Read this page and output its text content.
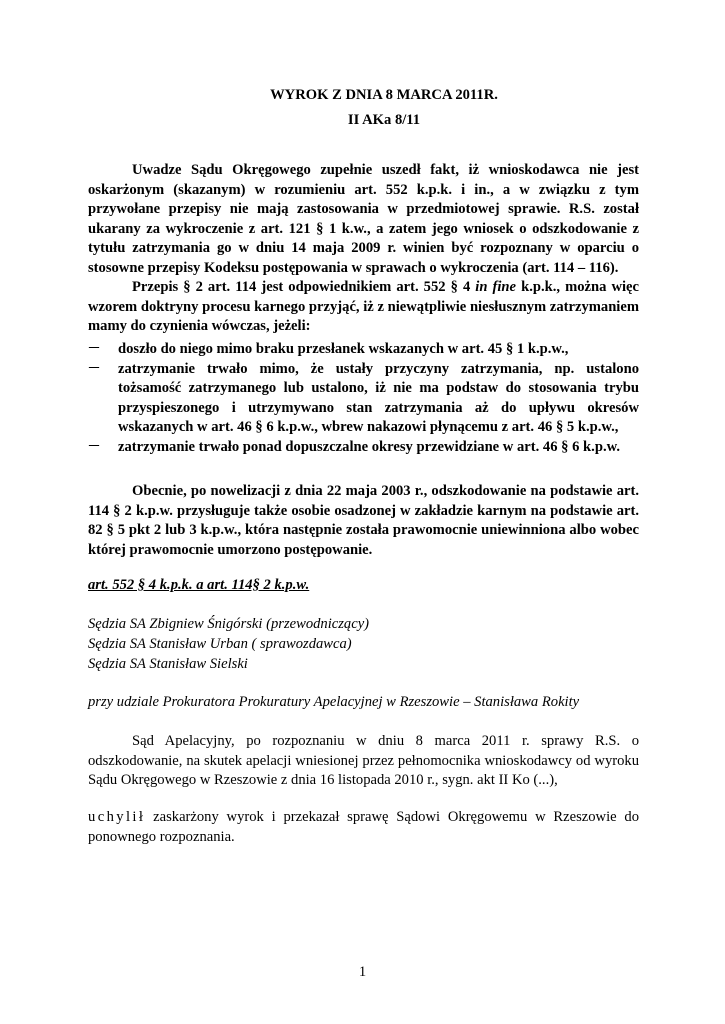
WYROK Z DNIA 8 MARCA 2011R.
II AKa 8/11

Uwadze Sądu Okręgowego zupełnie uszedł fakt, iż wnioskodawca nie jest oskarżonym (skazanym) w rozumieniu art. 552 k.p.k. i in., a w związku z tym przywołane przepisy nie mają zastosowania w przedmiotowej sprawie. R.S. został ukarany za wykroczenie z art. 121 § 1 k.w., a zatem jego wniosek o odszkodowanie z tytułu zatrzymania go w dniu 14 maja 2009 r. winien być rozpoznany w oparciu o stosowne przepisy Kodeksu postępowania w sprawach o wykroczenia (art. 114 – 116).

Przepis § 2 art. 114 jest odpowiednikiem art. 552 § 4 in fine k.p.k., można więc wzorem doktryny procesu karnego przyjąć, iż z niewątpliwie niesłusznym zatrzymaniem mamy do czynienia wówczas, jeżeli:

– doszło do niego mimo braku przesłanek wskazanych w art. 45 § 1 k.p.w.,
– zatrzymanie trwało mimo, że ustały przyczyny zatrzymania, np. ustalono tożsamość zatrzymanego lub ustalono, iż nie ma podstaw do stosowania trybu przyspieszonego i utrzymywano stan zatrzymania aż do upływu okresów wskazanych w art. 46 § 6 k.p.w., wbrew nakazowi płynącemu z art. 46 § 5 k.p.w.,
– zatrzymanie trwało ponad dopuszczalne okresy przewidziane w art. 46 § 6 k.p.w.

Obecnie, po nowelizacji z dnia 22 maja 2003 r., odszkodowanie na podstawie art. 114 § 2 k.p.w. przysługuje także osobie osadzonej w zakładzie karnym na podstawie art. 82 § 5 pkt 2 lub 3 k.p.w., która następnie została prawomocnie uniewinniona albo wobec której prawomocnie umorzono postępowanie.

art. 552 § 4 k.p.k. a art. 114§ 2 k.p.w.
Sędzia SA Zbigniew Śnigórski (przewodniczący)
Sędzia SA Stanisław Urban ( sprawozdawca)
Sędzia SA Stanisław Sielski
przy udziale Prokuratora Prokuratury Apelacyjnej w Rzeszowie – Stanisława Rokity

Sąd Apelacyjny, po rozpoznaniu w dniu 8 marca 2011 r. sprawy R.S. o odszkodowanie, na skutek apelacji wniesionej przez pełnomocnika wnioskodawcy od wyroku Sądu Okręgowego w Rzeszowie z dnia 16 listopada 2010 r., sygn. akt II Ko (...),

uchylił zaskarżony wyrok i przekazał sprawę Sądowi Okręgowemu w Rzeszowie do ponownego rozpoznania.

1
